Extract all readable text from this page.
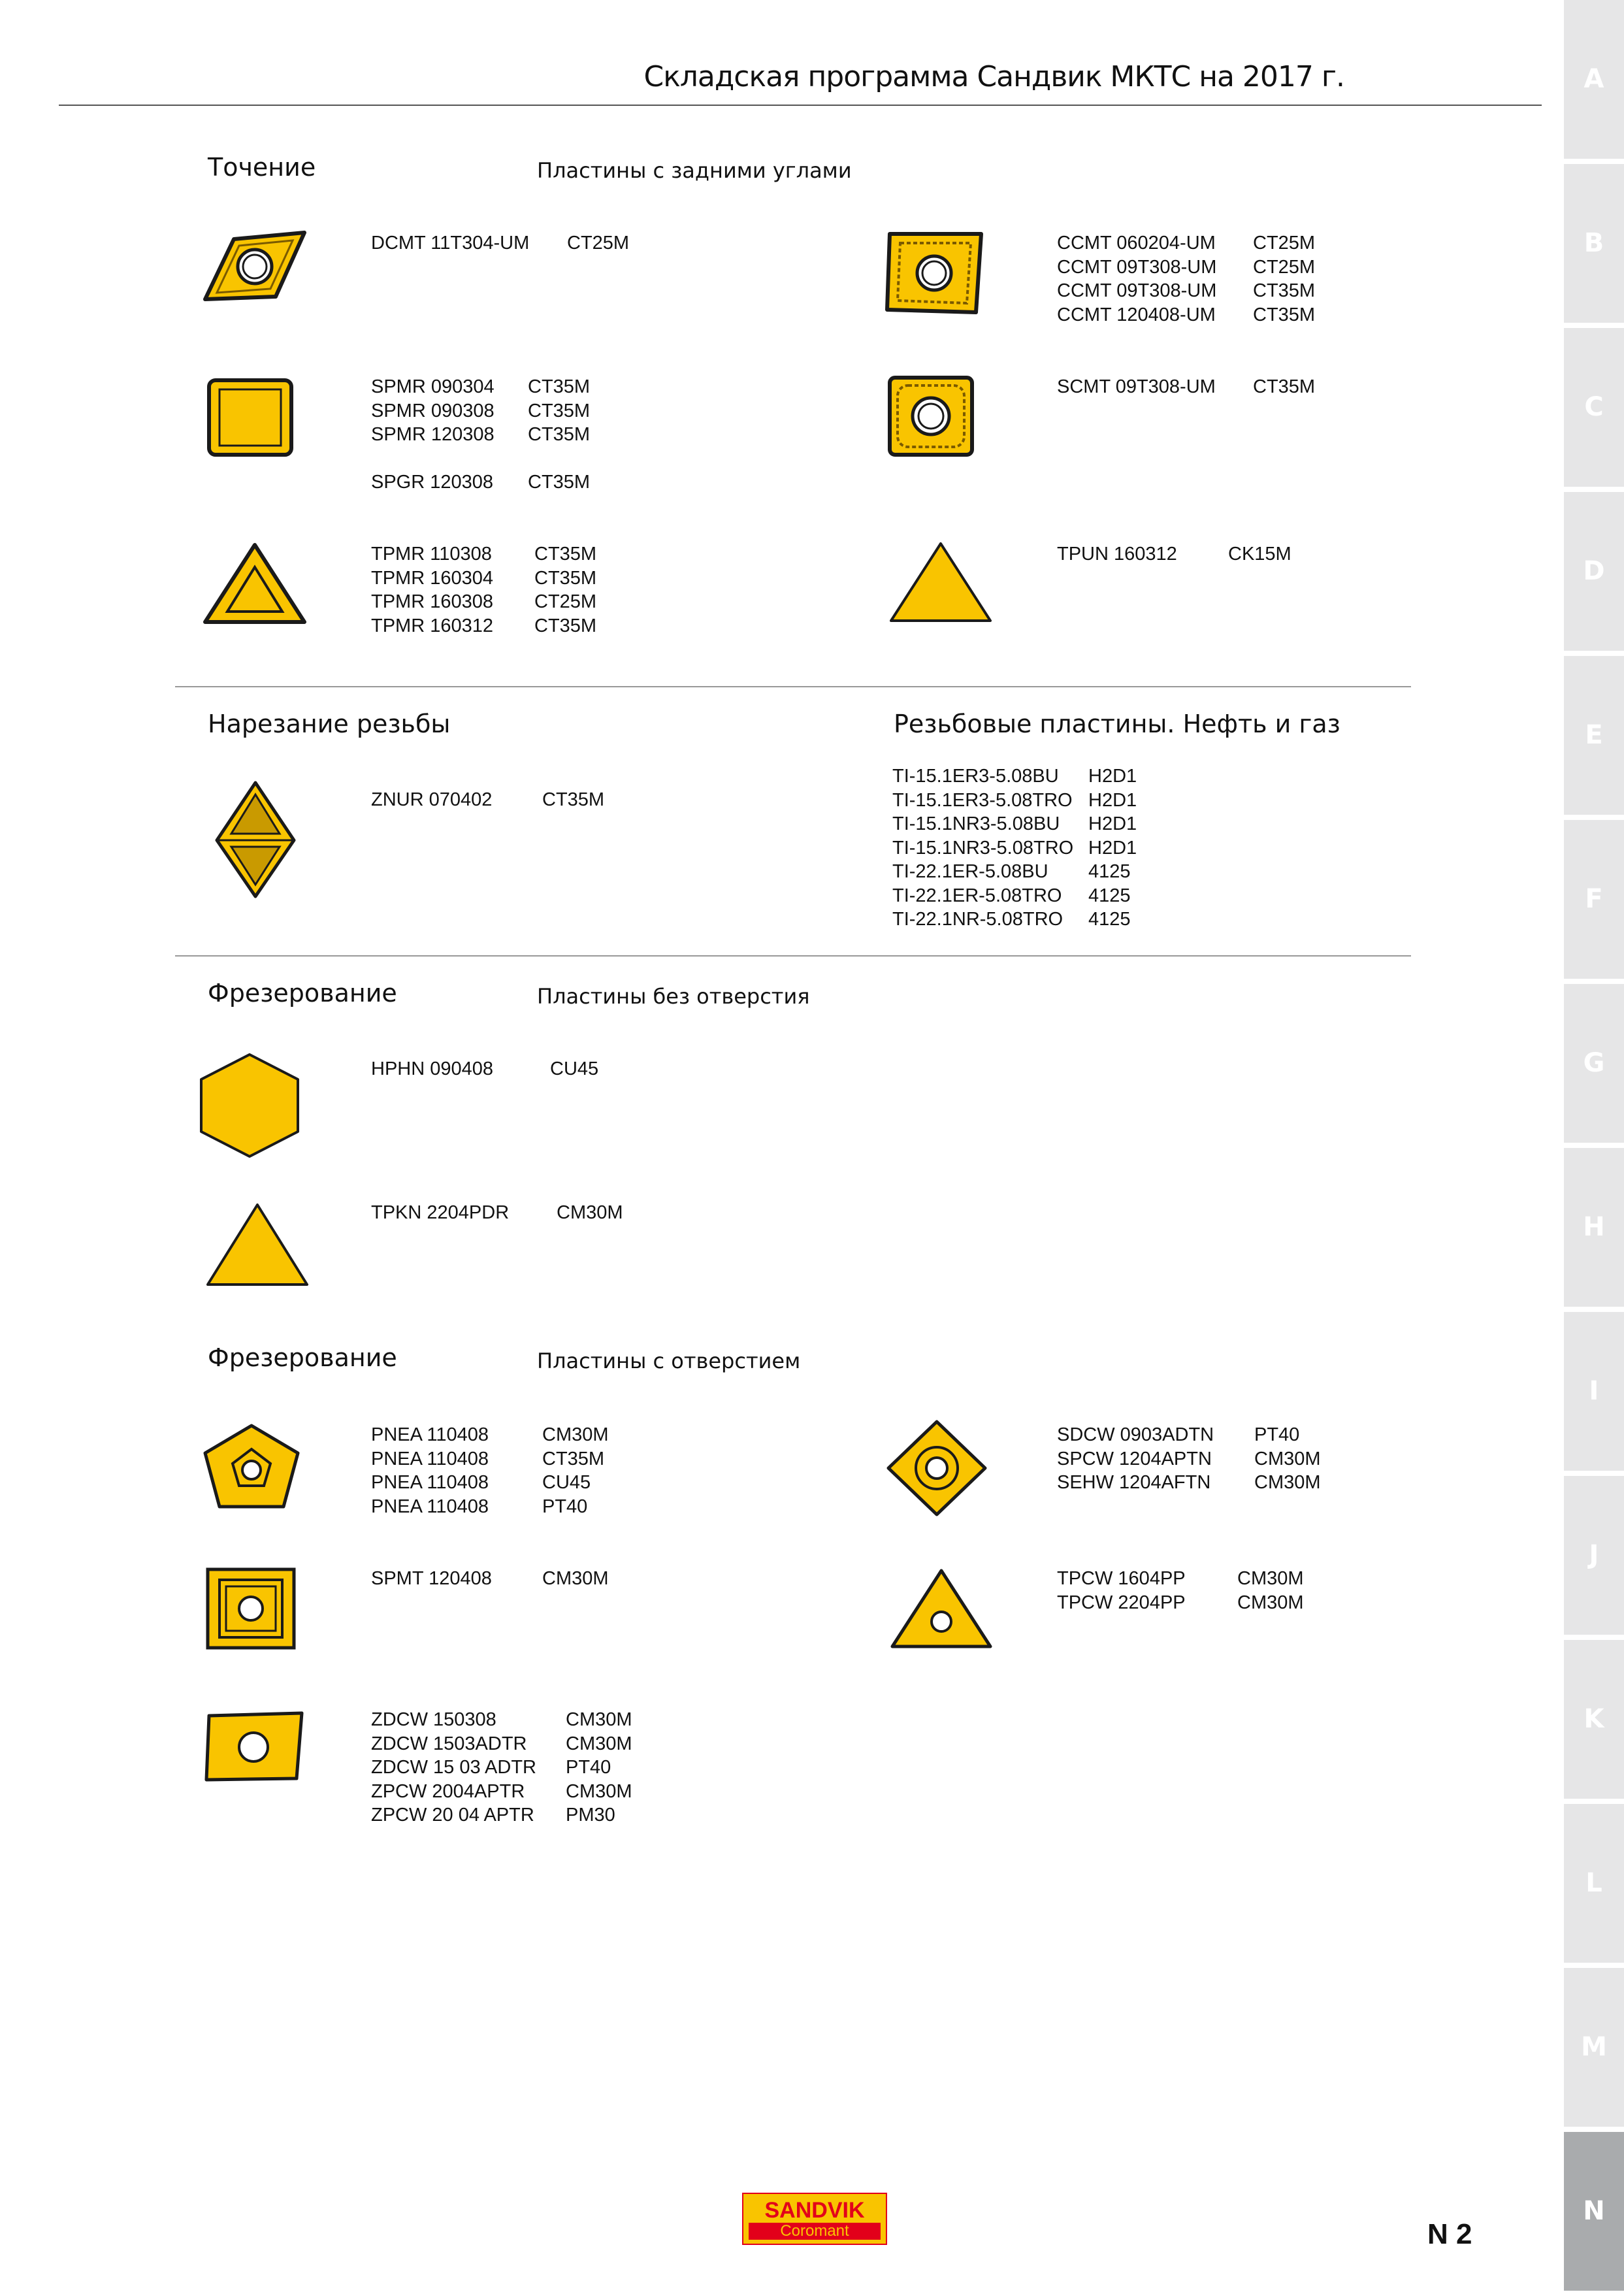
Складская программа Сандвик МКТС на 2017 г.
Точение	Пластины с задними углами
Нарезание резьбы	Резьбовые пластины. Нефть и газ
Фрезерование	Пластины без отверстия
Фрезерование	Пластины с отверстием
DCMT 11T304-UM	CT25M	CCMT 060204-UM	CT25M
CCMT 09T308-UM	CT25M
CCMT 09T308-UM	CT35M
CCMT 120408-UM	CT35M
SPMR 090304	CT35M
SPMR 090308	CT35M
SPMR 120308	CT35M
SPGR 120308	CT35M
SCMT 09T308-UM	CT35M
TPMR 110308	CT35M
TPMR 160304	CT35M
TPMR 160308	CT25M
TPMR 160312	CT35M
TPUN 160312	CK15M
ZNUR 070402	CT35M
TI-15.1ER3-5.08BU	H2D1
TI-15.1ER3-5.08TRO H2D1
TI-15.1NR3-5.08BU	H2D1
TI-15.1NR3-5.08TRO H2D1
TI-22.1ER-5.08BU	4125
TI-22.1ER-5.08TRO	4125
TI-22.1NR-5.08TRO	4125
HPHN 090408	CU45
TPKN 2204PDR	CM30M
PNEA 110408	CM30M
PNEA 110408	CT35M
PNEA 110408	CU45
PNEA 110408	PT40
SDCW 0903ADTN	PT40
SPCW 1204APTN	CM30M
SEHW 1204AFTN	CM30M
SPMT 120408	CM30M	TPCW 1604PP	CM30M
TPCW 2204PP	CM30M
ZDCW 150308	CM30M
ZDCW 1503ADTR	CM30M
ZDCW 15 03 ADTR	PT40
ZPCW 2004APTR	CM30M
ZPCW 20 04 APTR	PM30
A
B
C
D
E
F
G
H
I
J
K
L
M
N
SANDVIK
Coromant	N 2
